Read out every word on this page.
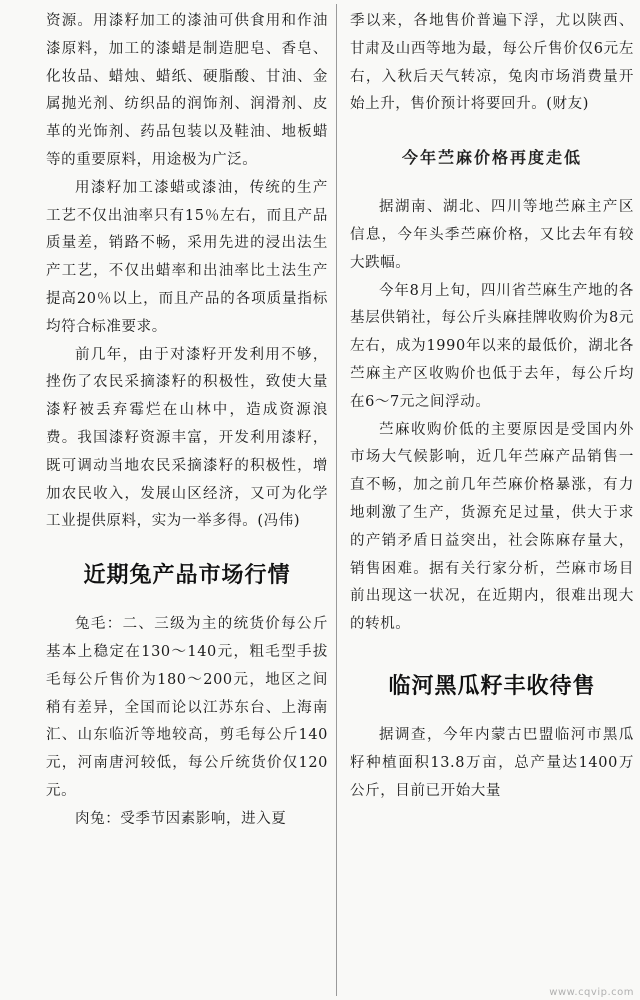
资源。用漆籽加工的漆油可供食用和作油漆原料，加工的漆蜡是制造肥皂、香皂、化妆品、蜡烛、蜡纸、硬脂酸、甘油、金属抛光剂、纺织品的润饰剂、润滑剂、皮革的光饰剂、药品包装以及鞋油、地板蜡等的重要原料，用途极为广泛。

用漆籽加工漆蜡或漆油，传统的生产工艺不仅出油率只有15％左右，而且产品质量差，销路不畅，采用先进的浸出法生产工艺，不仅出蜡率和出油率比土法生产提高20％以上，而且产品的各项质量指标均符合标准要求。

前几年，由于对漆籽开发利用不够，挫伤了农民采摘漆籽的积极性，致使大量漆籽被丢弃霉烂在山林中，造成资源浪费。我国漆籽资源丰富，开发利用漆籽，既可调动当地农民采摘漆籽的积极性，增加农民收入，发展山区经济，又可为化学工业提供原料，实为一举多得。(冯伟)

近期兔产品市场行情

兔毛：二、三级为主的统货价每公斤基本上稳定在130～140元，粗毛型手拔毛每公斤售价为180～200元，地区之间稍有差异，全国而论以江苏东台、上海南汇、山东临沂等地较高，剪毛每公斤140元，河南唐河较低，每公斤统货价仅120元。

肉兔：受季节因素影响，进入夏

季以来，各地售价普遍下浮，尤以陕西、甘肃及山西等地为最，每公斤售价仅6元左右，入秋后天气转凉，兔肉市场消费量开始上升，售价预计将要回升。(财友)

今年苎麻价格再度走低

据湖南、湖北、四川等地苎麻主产区信息，今年头季苎麻价格，又比去年有较大跌幅。

今年8月上旬，四川省苎麻生产地的各基层供销社，每公斤头麻挂牌收购价为8元左右，成为1990年以来的最低价，湖北各苎麻主产区收购价也低于去年，每公斤均在6～7元之间浮动。

苎麻收购价低的主要原因是受国内外市场大气候影响，近几年苎麻产品销售一直不畅，加之前几年苎麻价格暴涨，有力地刺激了生产，货源充足过量，供大于求的产销矛盾日益突出，社会陈麻存量大，销售困难。据有关行家分析，苎麻市场目前出现这一状况，在近期内，很难出现大的转机。

临河黑瓜籽丰收待售

据调查，今年内蒙古巴盟临河市黑瓜籽种植面积13.8万亩，总产量达1400万公斤，目前已开始大量

www.cqvip.com
